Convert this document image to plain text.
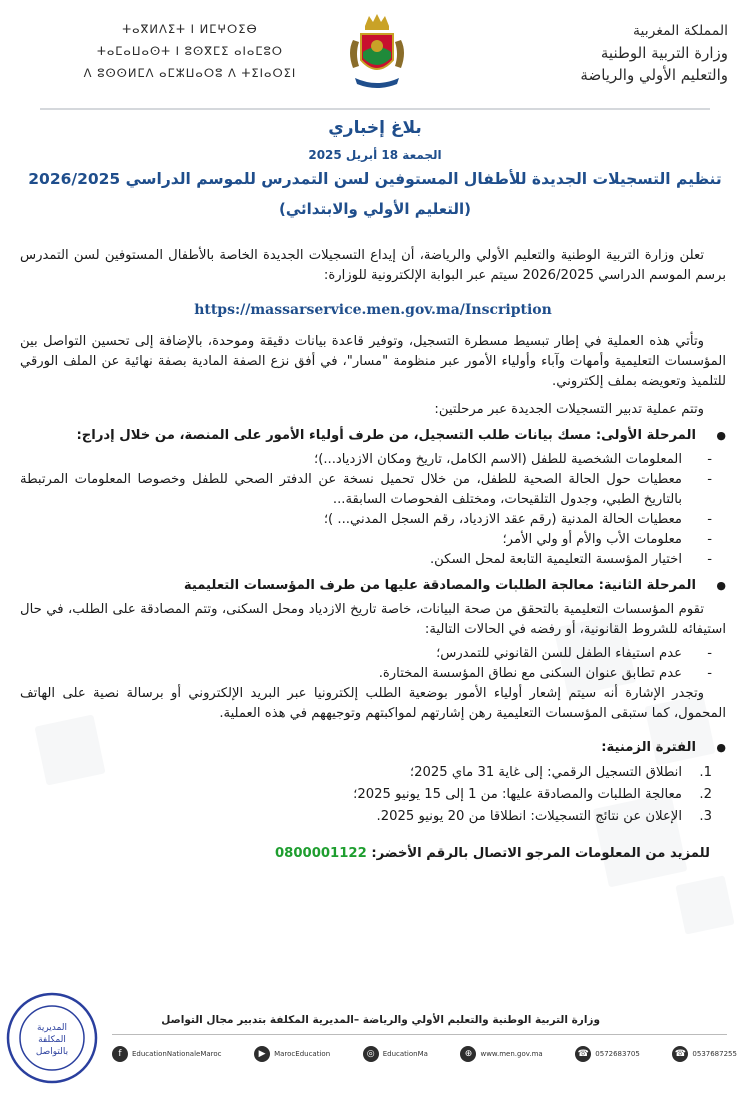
المملكة المغربية
وزارة التربية الوطنية
والتعليم الأولي والرياضة
ⵜⴰⴳⵍⴷⵉⵜ ⵏ ⵍⵎⵖⵔⵉⴱ
ⵜⴰⵎⴰⵡⴰⵙⵜ ⵏ ⵓⵙⴳⵎⵉ ⴰⵏⴰⵎⵓⵔ
ⴷ ⵓⵙⵙⵍⵎⴷ ⴰⵎⵣⵡⴰⵔⵓ ⴷ ⵜⵉⵏⴰⵔⵉⵏ
بلاغ إخباري
الجمعة 18 أبريل 2025
تنظيم التسجيلات الجديدة للأطفال المستوفين لسن التمدرس للموسم الدراسي 2026/2025
(التعليم الأولي والابتدائي)

تعلن وزارة التربية الوطنية والتعليم الأولي والرياضة، أن إيداع التسجيلات الجديدة الخاصة بالأطفال المستوفين لسن التمدرس برسم الموسم الدراسي 2026/2025 سيتم عبر البوابة الإلكترونية للوزارة:

https://massarservice.men.gov.ma/Inscription

وتأتي هذه العملية في إطار تبسيط مسطرة التسجيل، وتوفير قاعدة بيانات دقيقة وموحدة، بالإضافة إلى تحسين التواصل بين المؤسسات التعليمية وأمهات وآباء وأولياء الأمور عبر منظومة "مسار"، في أفق نزع الصفة المادية بصفة نهائية عن الملف الورقي للتلميذ وتعويضه بملف إلكتروني.

وتتم عملية تدبير التسجيلات الجديدة عبر مرحلتين:

● المرحلة الأولى: مسك بيانات طلب التسجيل، من طرف أولياء الأمور على المنصة، من خلال إدراج:
- المعلومات الشخصية للطفل (الاسم الكامل، تاريخ ومكان الازدياد...)؛
- معطيات حول الحالة الصحية للطفل، من خلال تحميل نسخة عن الدفتر الصحي للطفل وخصوصا المعلومات المرتبطة بالتاريخ الطبي، وجدول التلقيحات، ومختلف الفحوصات السابقة...
- معطيات الحالة المدنية (رقم عقد الازدياد، رقم السجل المدني... )؛
- معلومات الأب والأم أو ولي الأمر؛
- اختيار المؤسسة التعليمية التابعة لمحل السكن.
● المرحلة الثانية: معالجة الطلبات والمصادقة عليها من طرف المؤسسات التعليمية

تقوم المؤسسات التعليمية بالتحقق من صحة البيانات، خاصة تاريخ الازدياد ومحل السكنى، وتتم المصادقة على الطلب، في حال استيفائه للشروط القانونية، أو رفضه في الحالات التالية:

- عدم استيفاء الطفل للسن القانوني للتمدرس؛
- عدم تطابق عنوان السكنى مع نطاق المؤسسة المختارة.

وتجدر الإشارة أنه سيتم إشعار أولياء الأمور بوضعية الطلب إلكترونيا عبر البريد الإلكتروني أو برسالة نصية على الهاتف المحمول، كما ستبقى المؤسسات التعليمية رهن إشارتهم لمواكبتهم وتوجيههم في هذه العملية.

● الفترة الزمنية:
1.
انطلاق التسجيل الرقمي: إلى غاية 31 ماي 2025؛
2.
معالجة الطلبات والمصادقة عليها: من 1 إلى 15 يونيو 2025؛
3.
الإعلان عن نتائج التسجيلات: انطلاقا من 20 يونيو 2025.
للمزيد من المعلومات المرجو الاتصال بالرقم الأخضر: 0800001122
المديرية
المكلفة
بالتواصل
وزارة التربية الوطنية والتعليم الأولي والرياضة –المديرية المكلفة بتدبير مجال التواصل
f	EducationNationaleMaroc	▶	MarocEducation	◎	EducationMa	⊕	www.men.gov.ma	☎ 0572683705	☎ 0537687255
